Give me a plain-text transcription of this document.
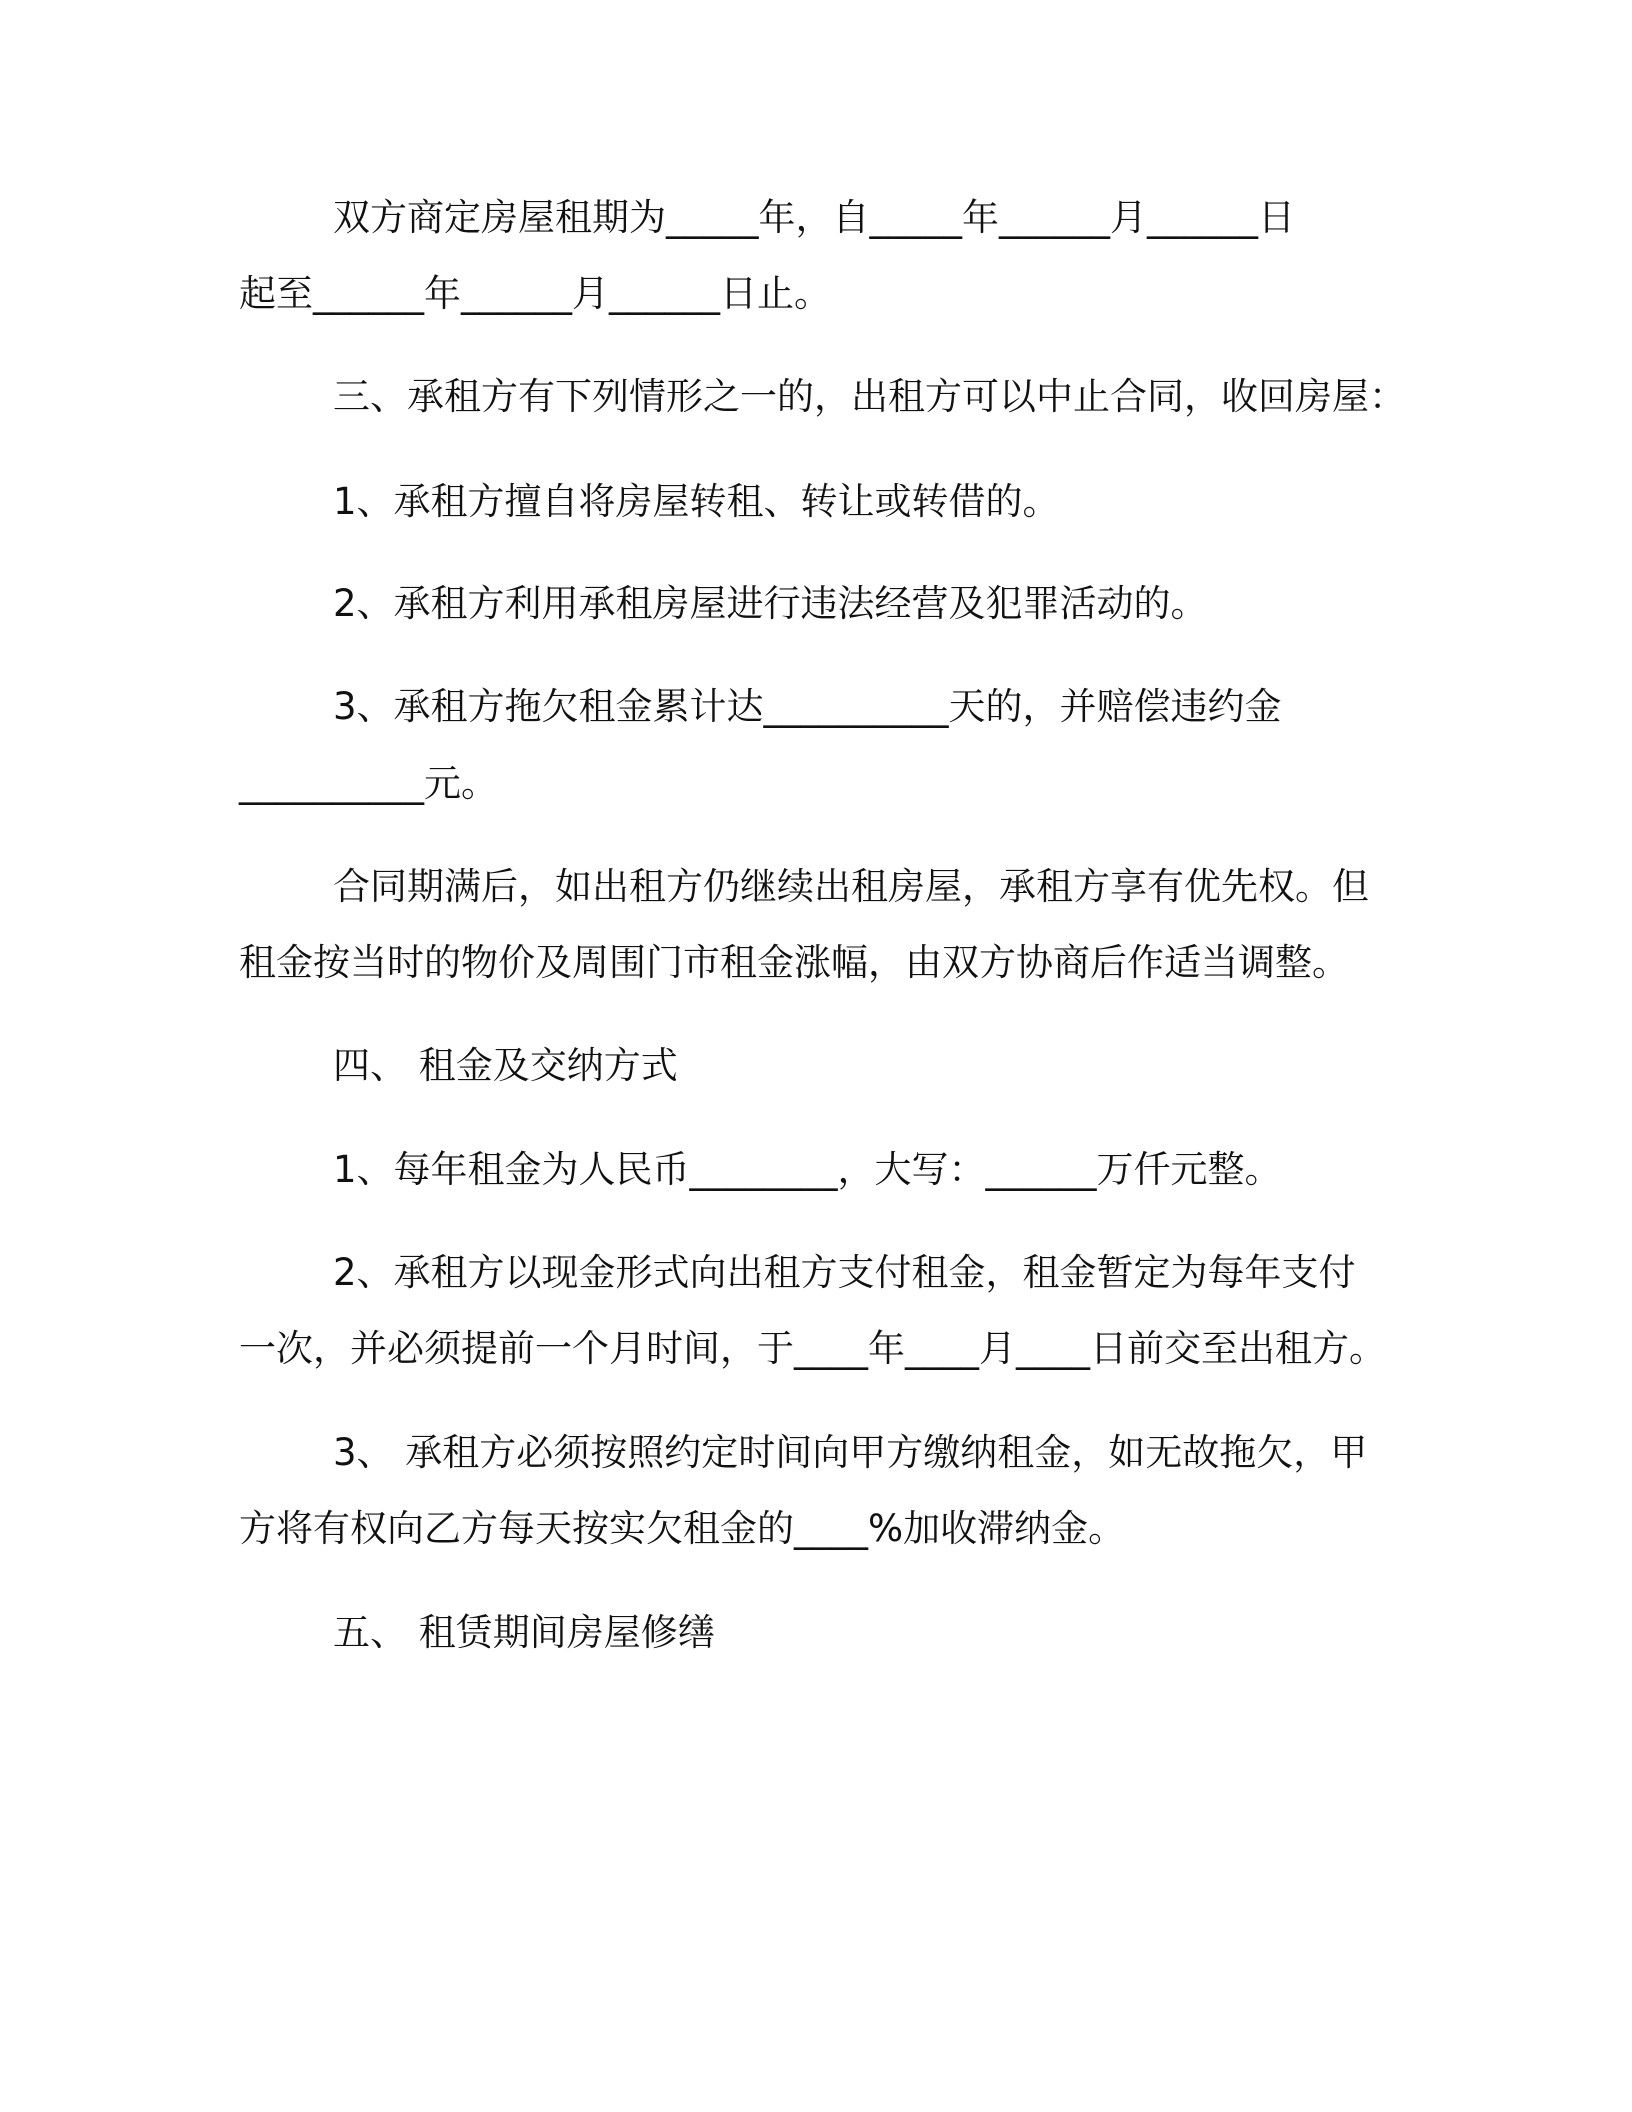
双方商定房屋租期为_____年，自_____年______月______日
起至______年______月______日止。
三、承租方有下列情形之一的，出租方可以中止合同，收回房屋：
1、承租方擅自将房屋转租、转让或转借的。
2、承租方利用承租房屋进行违法经营及犯罪活动的。
3、承租方拖欠租金累计达__________天的，并赔偿违约金
__________元。
合同期满后，如出租方仍继续出租房屋，承租方享有优先权。但
租金按当时的物价及周围门市租金涨幅，由双方协商后作适当调整。
四、 租金及交纳方式
1、每年租金为人民币________，大写：______万仟元整。
2、承租方以现金形式向出租方支付租金，租金暂定为每年支付
一次，并必须提前一个月时间，于____年____月____日前交至出租方。
3、 承租方必须按照约定时间向甲方缴纳租金，如无故拖欠，甲
方将有权向乙方每天按实欠租金的____%加收滞纳金。
五、 租赁期间房屋修缮
